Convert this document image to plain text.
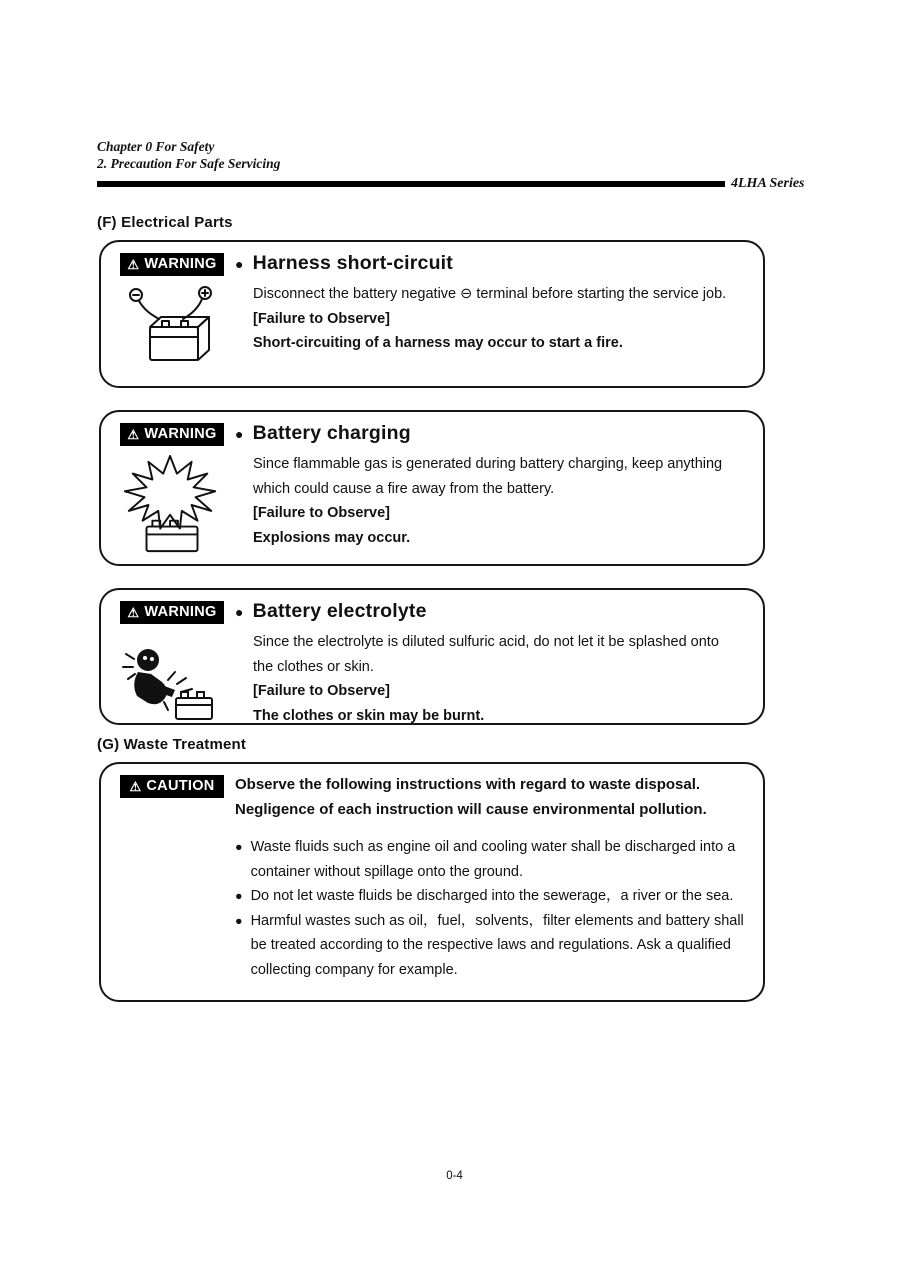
Chapter 0 For Safety
2. Precaution For Safe Servicing
4LHA Series
(F) Electrical Parts
⚠ WARNING ● Harness short-circuit

Disconnect the battery negative ⊖ terminal before starting the service job.

[Failure to Observe]

Short-circuiting of a harness may occur to start a fire.

⚠ WARNING ● Battery charging

Since flammable gas is generated during battery charging, keep anything

which could cause a fire away from the battery.

[Failure to Observe]

Explosions may occur.

⚠ WARNING ● Battery electrolyte

Since the electrolyte is diluted sulfuric acid, do not let it be splashed onto

the clothes or skin.

[Failure to Observe]

The clothes or skin may be burnt.

(G) Waste Treatment
⚠ CAUTION Observe the following instructions with regard to waste disposal.

Negligence of each instruction will cause environmental pollution.

● Waste fluids such as engine oil and cooling water shall be discharged into a container without spillage onto the ground.
● Do not let waste fluids be discharged into the sewerage，a river or the sea.
● Harmful wastes such as oil，fuel，solvents，filter elements and battery shall be treated according to the respective laws and regulations. Ask a qualified collecting company for example.
0-4
